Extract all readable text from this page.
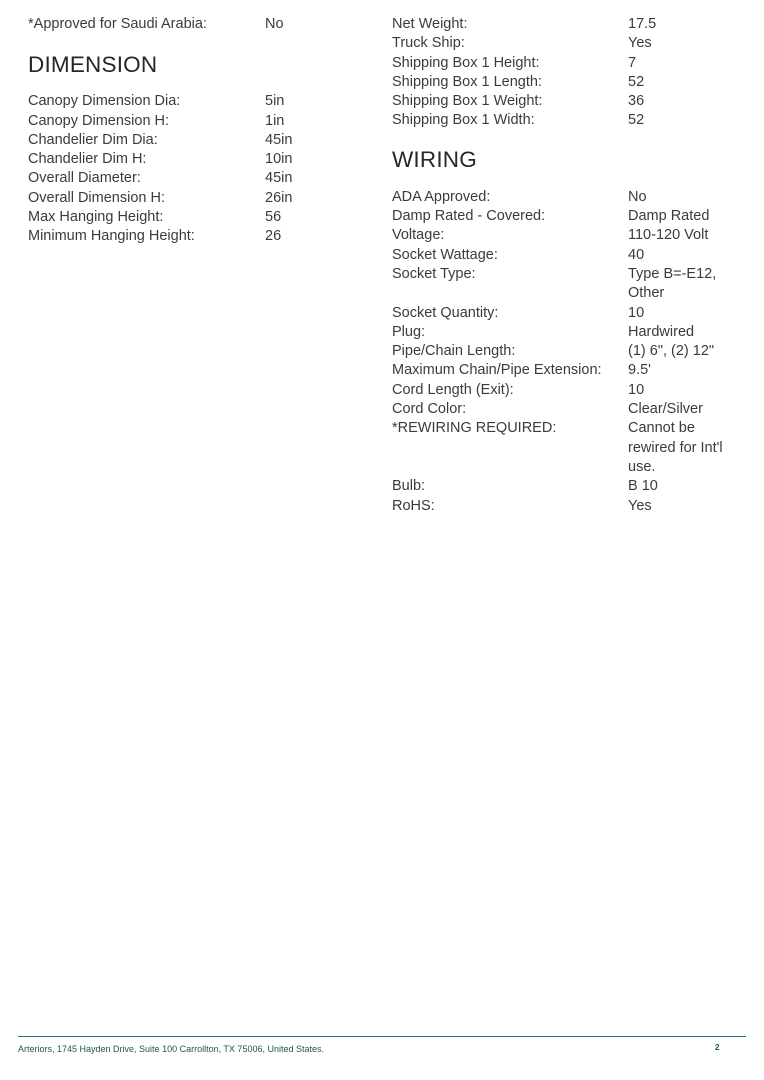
*Approved for Saudi Arabia:	No
DIMENSION
Canopy Dimension Dia:	5in
Canopy Dimension H:	1in
Chandelier Dim Dia:	45in
Chandelier Dim H:	10in
Overall Diameter:	45in
Overall Dimension H:	26in
Max Hanging Height:	56
Minimum Hanging Height:	26
Net Weight:	17.5
Truck Ship:	Yes
Shipping Box 1 Height:	7
Shipping Box 1 Length:	52
Shipping Box 1 Weight:	36
Shipping Box 1 Width:	52
WIRING
ADA Approved:	No
Damp Rated - Covered:	Damp Rated
Voltage:	110-120 Volt
Socket Wattage:	40
Socket Type:	Type B=-E12, Other
Socket Quantity:	10
Plug:	Hardwired
Pipe/Chain Length:	(1) 6", (2) 12"
Maximum Chain/Pipe Extension:	9.5'
Cord Length (Exit):	10
Cord Color:	Clear/Silver
*REWIRING REQUIRED:	Cannot be rewired for Int'l use.
Bulb:	B 10
RoHS:	Yes
Arteriors, 1745 Hayden Drive, Suite 100 Carrollton, TX 75006, United States.	2
